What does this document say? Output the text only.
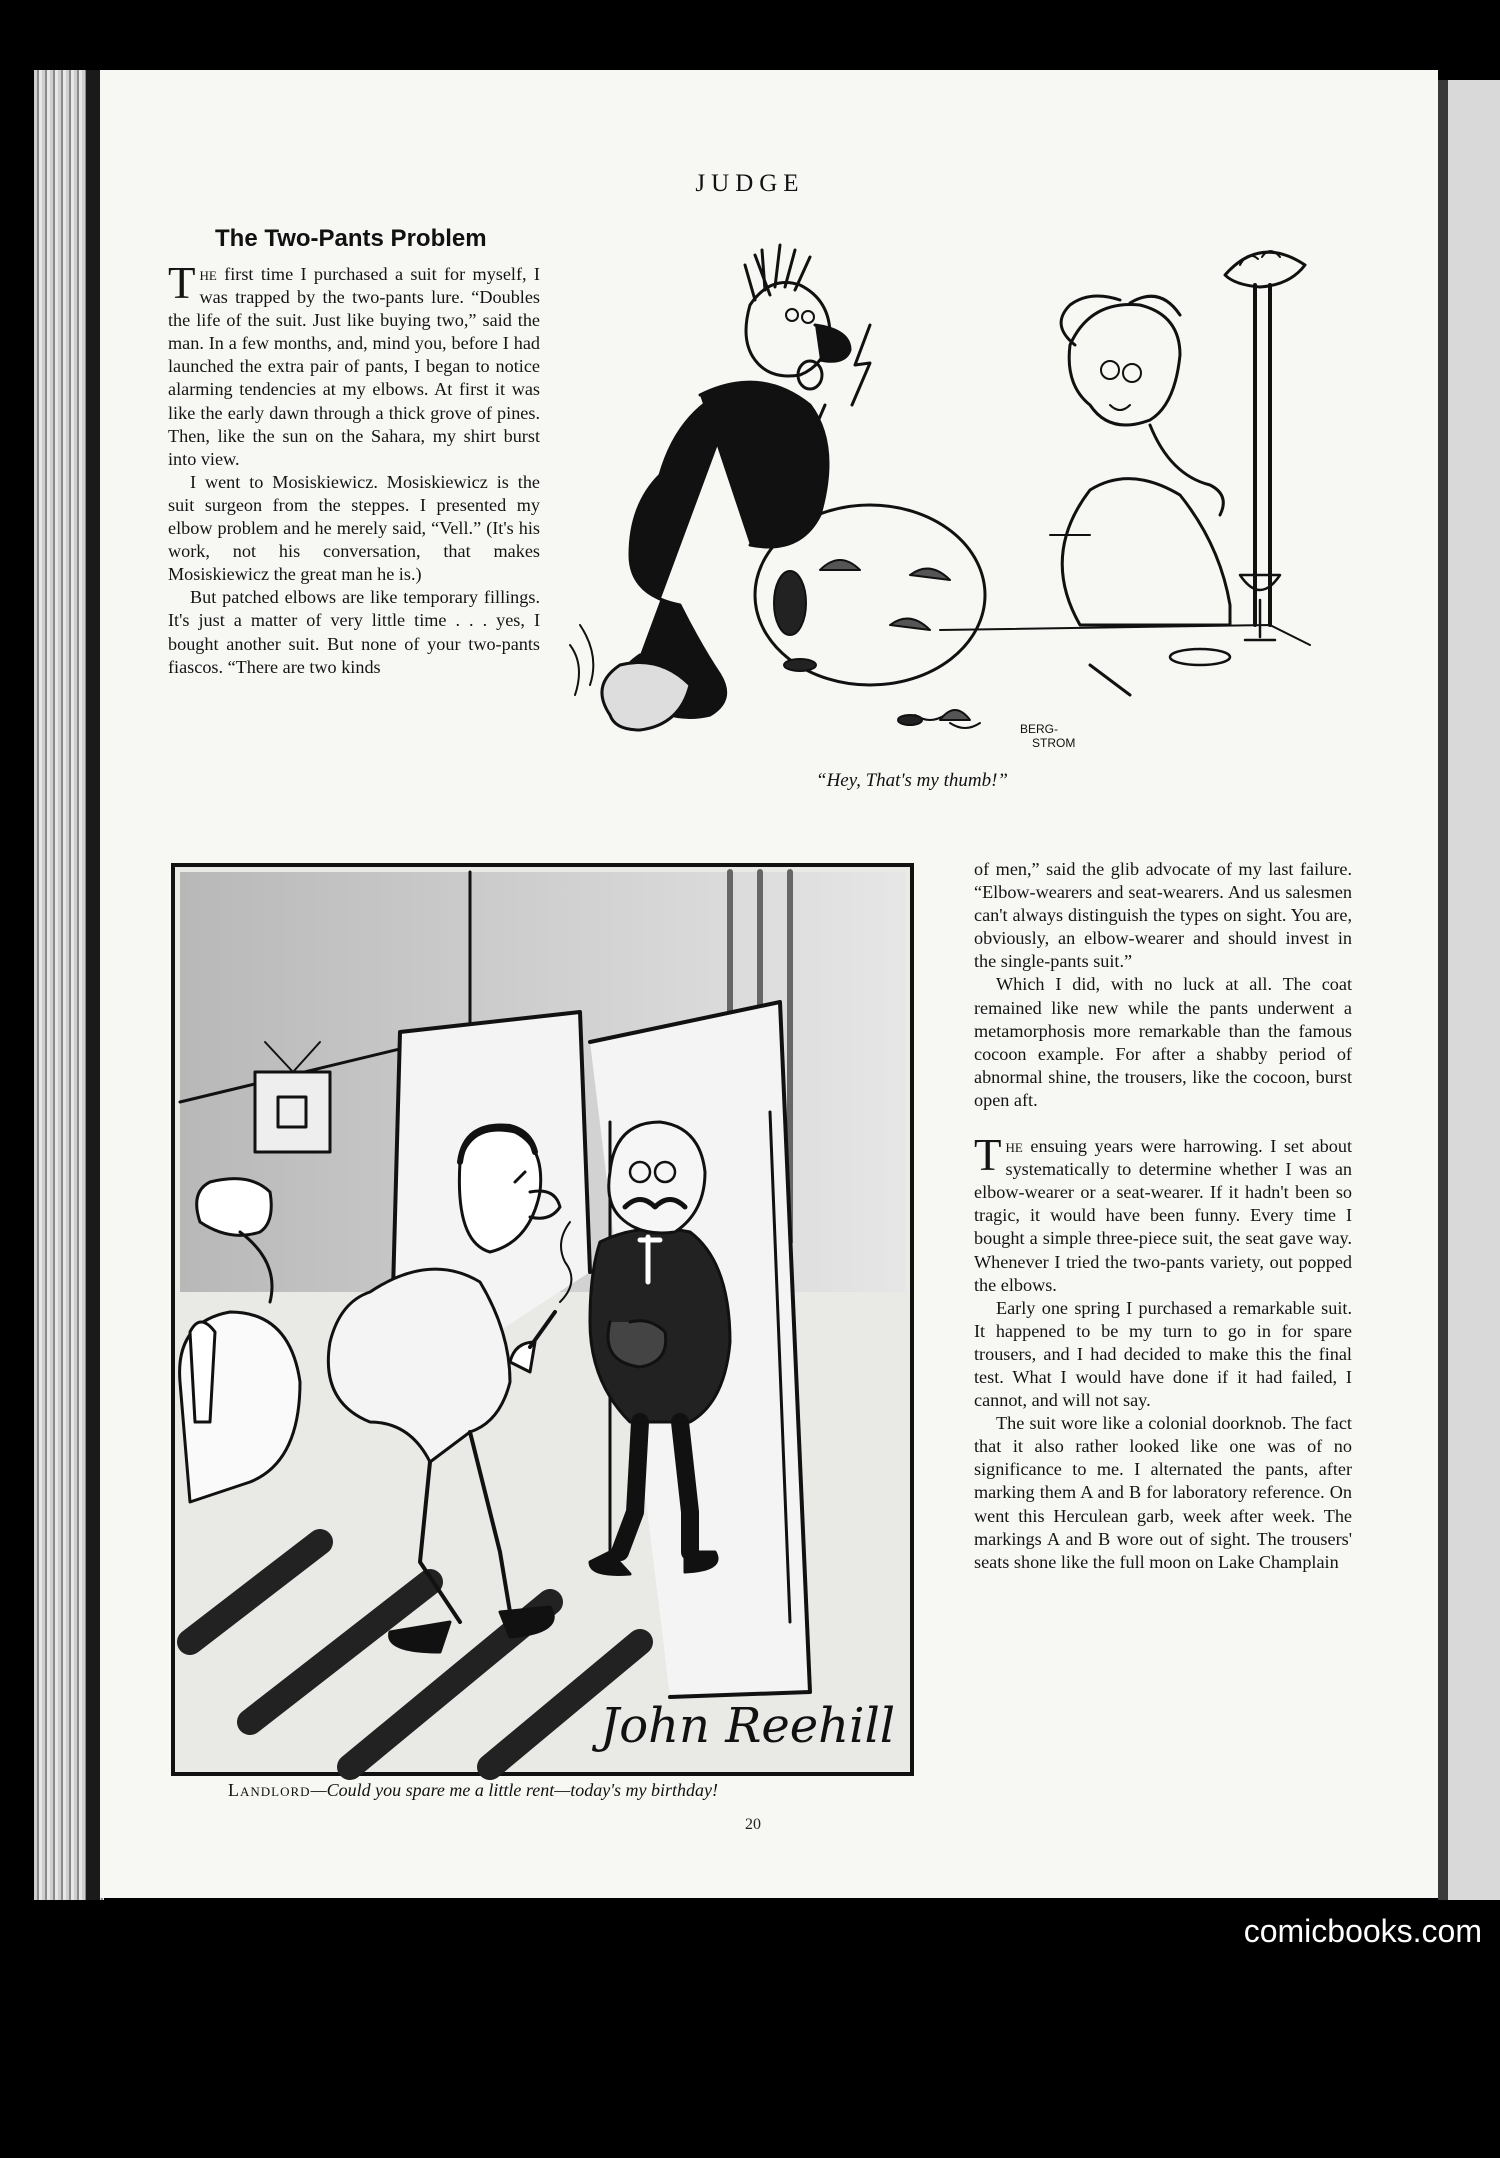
JUDGE
The Two-Pants Problem

The first time I purchased a suit for myself, I was trapped by the two-pants lure. “Doubles the life of the suit. Just like buying two,” said the man. In a few months, and, mind you, before I had launched the extra pair of pants, I began to notice alarming tendencies at my elbows. At first it was like the early dawn through a thick grove of pines. Then, like the sun on the Sahara, my shirt burst into view.

I went to Mosiskiewicz. Mosiskiewicz is the suit surgeon from the steppes. I presented my elbow problem and he merely said, “Vell.” (It's his work, not his conversation, that makes Mosiskiewicz the great man he is.)

But patched elbows are like temporary fillings. It's just a matter of very little time . . . yes, I bought another suit. But none of your two-pants fiascos. “There are two kinds

BERG-
STROM
“Hey, That's my thumb!”
John Reehill
Landlord—Could you spare me a little rent—today's my birthday!

of men,” said the glib advocate of my last failure. “Elbow-wearers and seat-wearers. And us salesmen can't always distinguish the types on sight. You are, obviously, an elbow-wearer and should invest in the single-pants suit.”

Which I did, with no luck at all. The coat remained like new while the pants underwent a metamorphosis more remarkable than the famous cocoon example. For after a shabby period of abnormal shine, the trousers, like the cocoon, burst open aft.

The ensuing years were harrowing. I set about systematically to determine whether I was an elbow-wearer or a seat-wearer. If it hadn't been so tragic, it would have been funny. Every time I bought a simple three-piece suit, the seat gave way. Whenever I tried the two-pants variety, out popped the elbows.

Early one spring I purchased a remarkable suit. It happened to be my turn to go in for spare trousers, and I had decided to make this the final test. What I would have done if it had failed, I cannot, and will not say.

The suit wore like a colonial doorknob. The fact that it also rather looked like one was of no significance to me. I alternated the pants, after marking them A and B for laboratory reference. On went this Herculean garb, week after week. The markings A and B wore out of sight. The trousers' seats shone like the full moon on Lake Champlain

20
comicbooks.com
